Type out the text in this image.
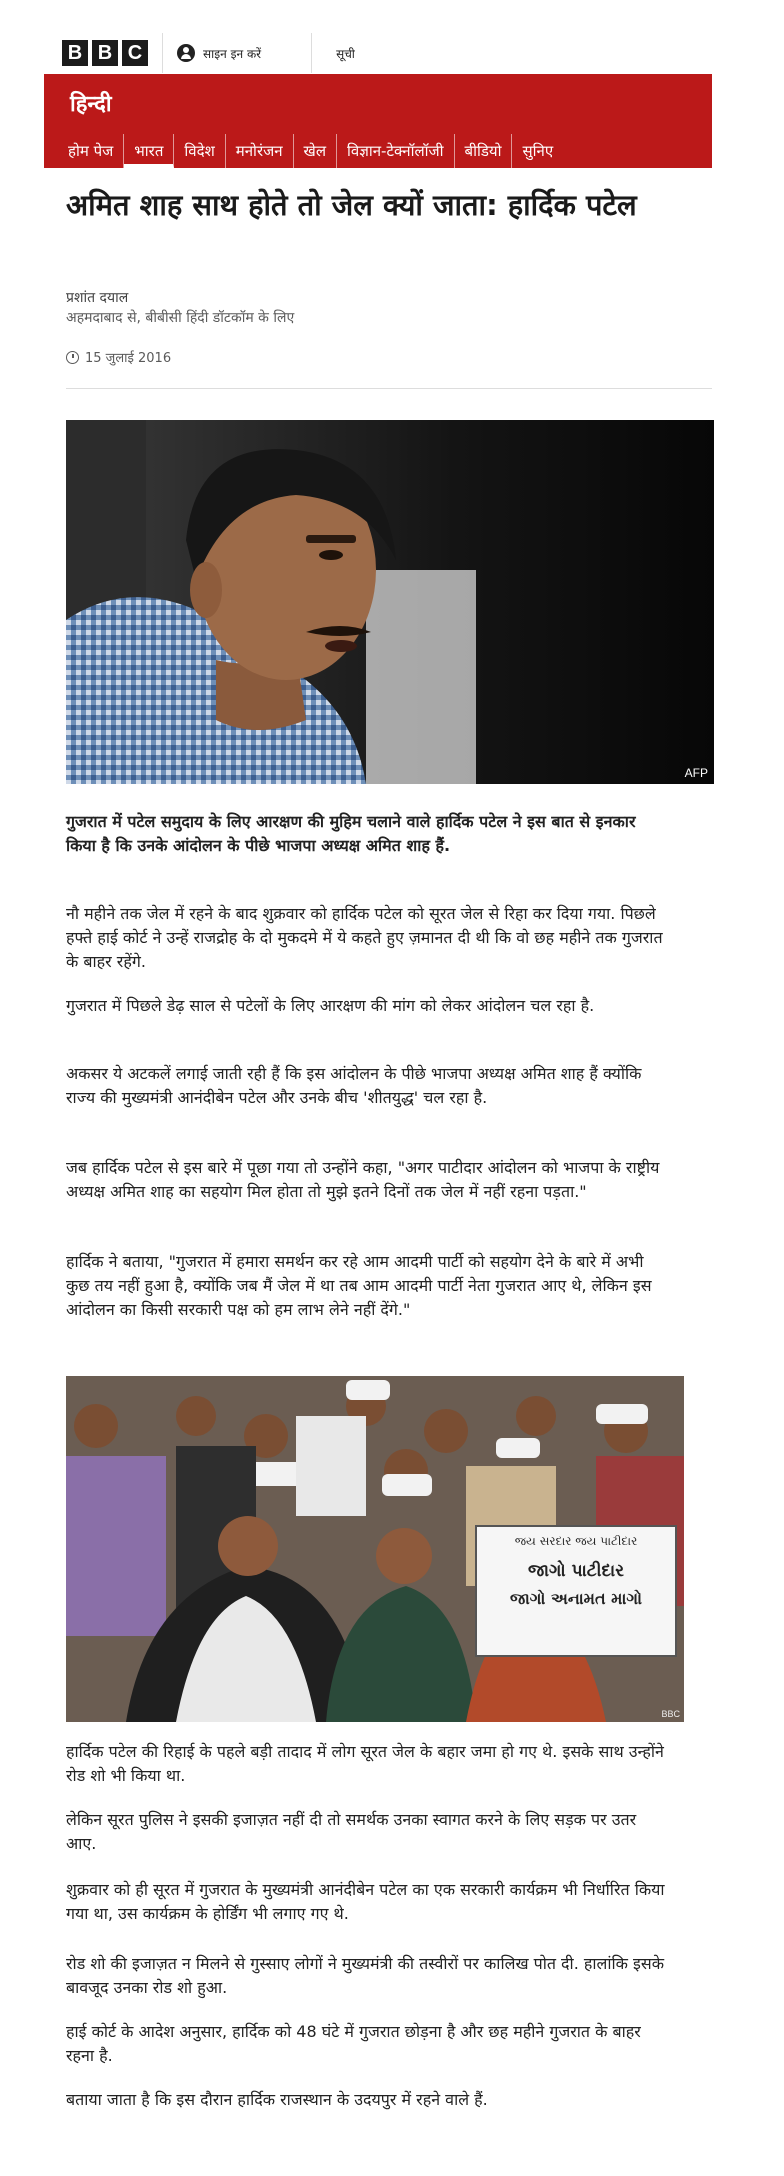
B B C	साइन इन करें	सूची
हिन्दी
होम पेज	भारत	विदेश	मनोरंजन	खेल	विज्ञान-टेक्नॉलॉजी	बीडियो	सुनिए
अमित शाह साथ होते तो जेल क्यों जाता: हार्दिक पटेल
प्रशांत दयाल
अहमदाबाद से, बीबीसी हिंदी डॉटकॉम के लिए
15 जुलाई 2016
AFP

गुजरात में पटेल समुदाय के लिए आरक्षण की मुहिम चलाने वाले हार्दिक पटेल ने इस बात से इनकार किया है कि उनके आंदोलन के पीछे भाजपा अध्यक्ष अमित शाह हैं.

नौ महीने तक जेल में रहने के बाद शुक्रवार को हार्दिक पटेल को सूरत जेल से रिहा कर दिया गया. पिछले हफ्ते हाई कोर्ट ने उन्हें राजद्रोह के दो मुकदमे में ये कहते हुए ज़मानत दी थी कि वो छह महीने तक गुजरात के बाहर रहेंगे.

गुजरात में पिछले डेढ़ साल से पटेलों के लिए आरक्षण की मांग को लेकर आंदोलन चल रहा है.

अकसर ये अटकलें लगाई जाती रही हैं कि इस आंदोलन के पीछे भाजपा अध्यक्ष अमित शाह हैं क्योंकि राज्य की मुख्यमंत्री आनंदीबेन पटेल और उनके बीच 'शीतयुद्ध' चल रहा है.

जब हार्दिक पटेल से इस बारे में पूछा गया तो उन्होंने कहा, "अगर पाटीदार आंदोलन को भाजपा के राष्ट्रीय अध्यक्ष अमित शाह का सहयोग मिल होता तो मुझे इतने दिनों तक जेल में नहीं रहना पड़ता."

हार्दिक ने बताया, "गुजरात में हमारा समर्थन कर रहे आम आदमी पार्टी को सहयोग देने के बारे में अभी कुछ तय नहीं हुआ है, क्योंकि जब मैं जेल में था तब आम आदमी पार्टी नेता गुजरात आए थे, लेकिन इस आंदोलन का किसी सरकारी पक्ष को हम लाभ लेने नहीं देंगे."

જય સરદાર જય પાટીદાર
જાગો પાટીદાર
જાગો અનામત માગો
BBC

हार्दिक पटेल की रिहाई के पहले बड़ी तादाद में लोग सूरत जेल के बहार जमा हो गए थे. इसके साथ उन्होंने रोड शो भी किया था.

लेकिन सूरत पुलिस ने इसकी इजाज़त नहीं दी तो समर्थक उनका स्वागत करने के लिए सड़क पर उतर आए.

शुक्रवार को ही सूरत में गुजरात के मुख्यमंत्री आनंदीबेन पटेल का एक सरकारी कार्यक्रम भी निर्धारित किया गया था, उस कार्यक्रम के होर्डिंग भी लगाए गए थे.

रोड शो की इजाज़त न मिलने से गुस्साए लोगों ने मुख्यमंत्री की तस्वीरों पर कालिख पोत दी. हालांकि इसके बावजूद उनका रोड शो हुआ.

हाई कोर्ट के आदेश अनुसार, हार्दिक को 48 घंटे में गुजरात छोड़ना है और छह महीने गुजरात के बाहर रहना है.

बताया जाता है कि इस दौरान हार्दिक राजस्थान के उदयपुर में रहने वाले हैं.
